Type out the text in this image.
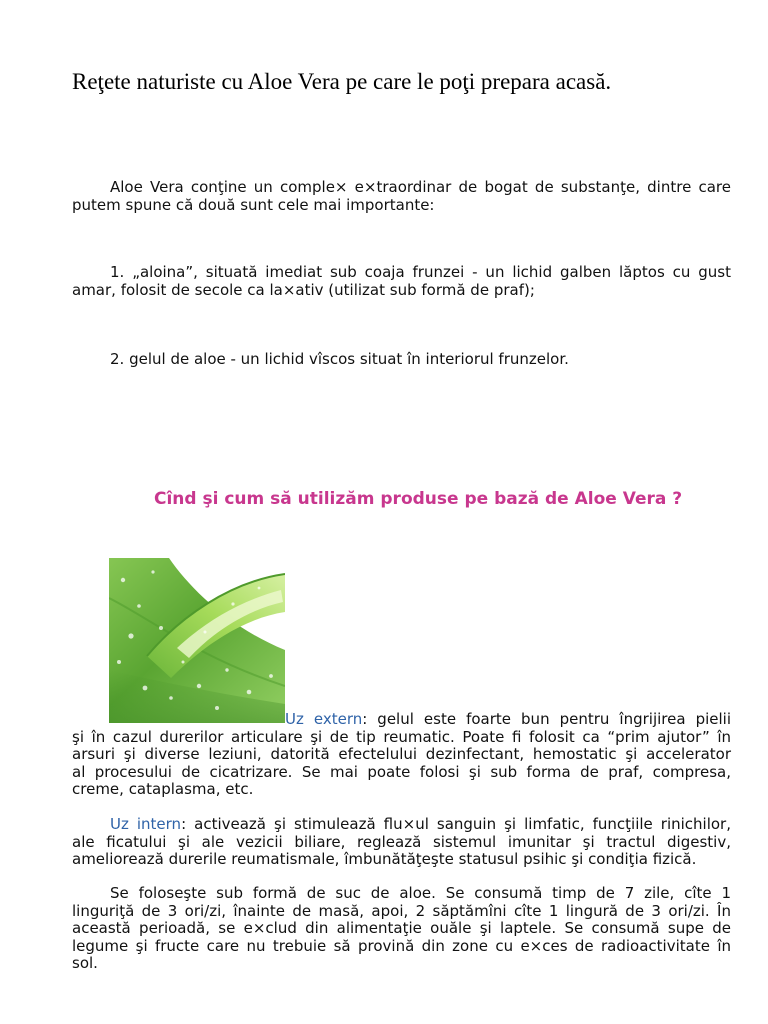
Reţete naturiste cu Aloe Vera pe care le poţi prepara acasă.
Aloe Vera conţine un comple× e×traordinar de bogat de substanţe, dintre care
putem spune că două sunt cele mai importante:
1. „aloina”, situată imediat sub coaja frunzei - un lichid galben lăptos cu gust
amar, folosit de secole ca la×ativ (utilizat sub formă de praf);
2. gelul de aloe - un lichid vîscos situat în interiorul frunzelor.
Cînd şi cum să utilizăm produse pe bază de Aloe Vera ?
Uz extern: gelul este foarte bun pentru îngrijirea pielii
şi în cazul durerilor articulare şi de tip reumatic. Poate fi folosit ca “prim ajutor” în
arsuri şi diverse leziuni, datorită efectelului dezinfectant, hemostatic şi accelerator
al procesului de cicatrizare. Se mai poate folosi şi sub forma de praf, compresa,
creme, cataplasma, etc.
Uz intern: activează şi stimulează flu×ul sanguin şi limfatic, funcţiile rinichilor,
ale ficatului şi ale vezicii biliare, reglează sistemul imunitar şi tractul digestiv,
ameliorează durerile reumatismale, îmbunătăţeşte statusul psihic şi condiţia fizică.
Se foloseşte sub formă de suc de aloe. Se consumă timp de 7 zile, cîte 1
linguriţă de 3 ori/zi, înainte de masă, apoi, 2 săptămîni cîte 1 lingură de 3 ori/zi. În
această perioadă, se e×clud din alimentaţie ouăle şi laptele. Se consumă supe de
legume şi fructe care nu trebuie să provină din zone cu e×ces de radioactivitate în
sol.
